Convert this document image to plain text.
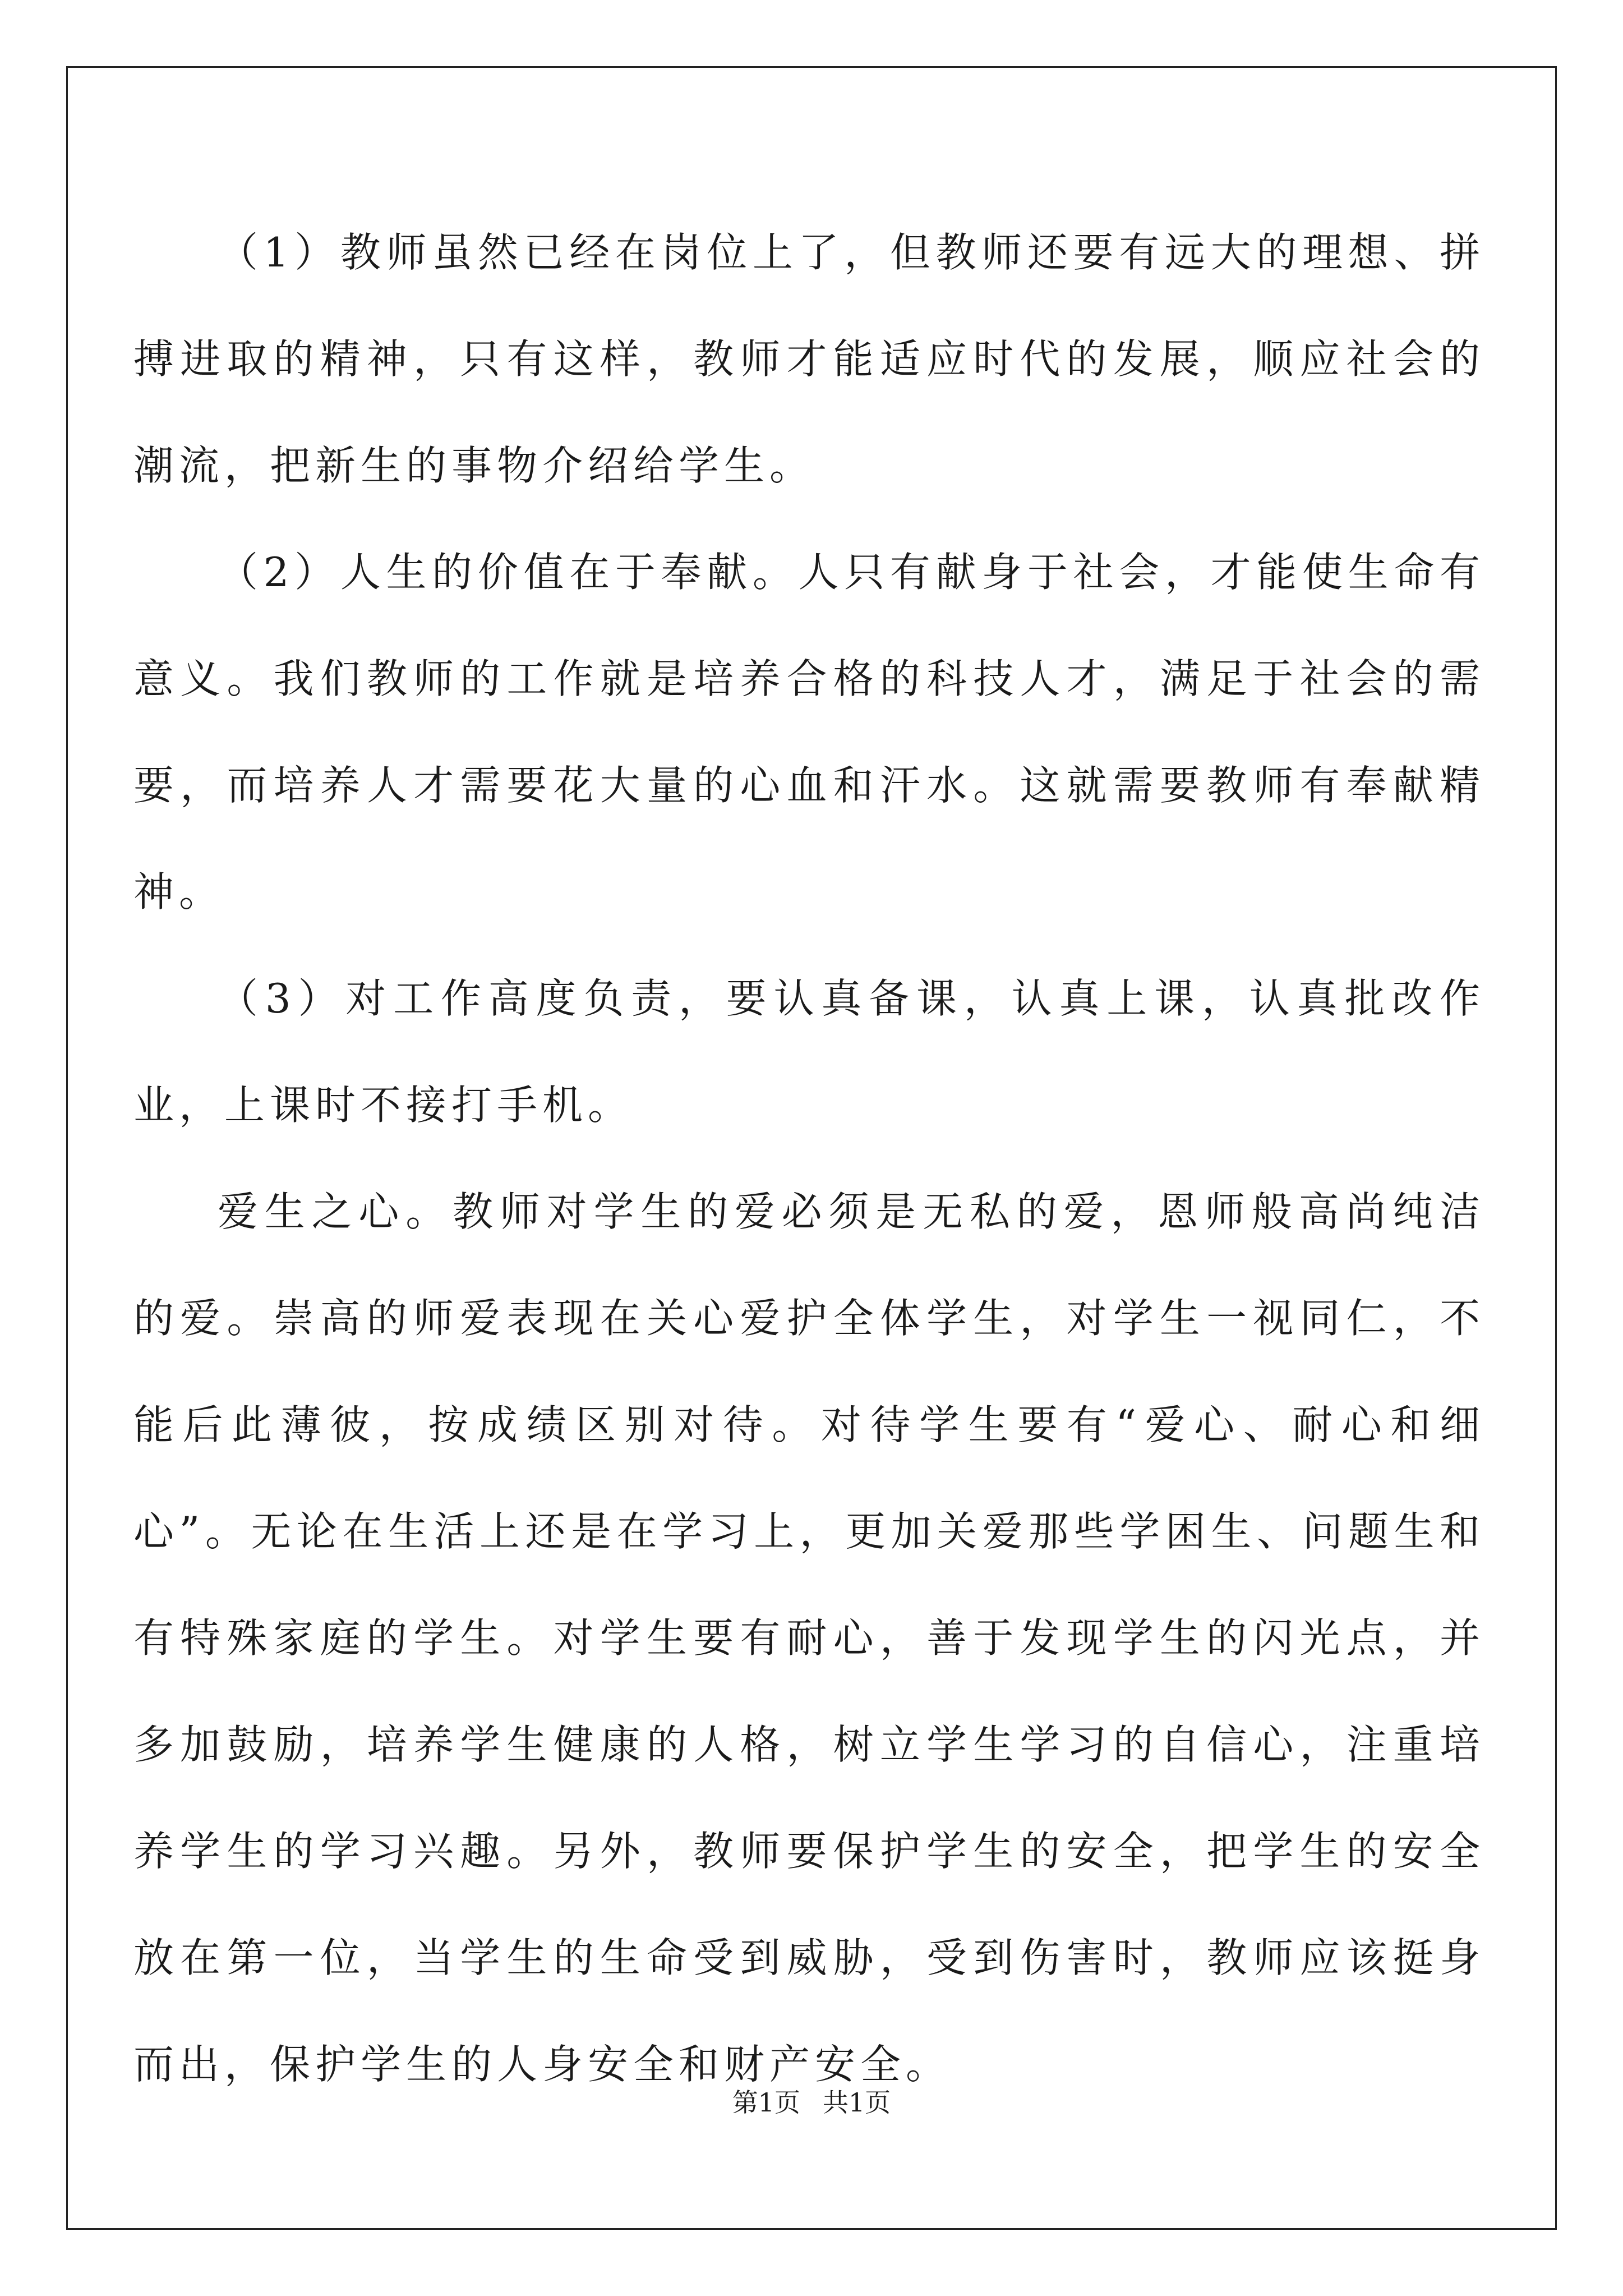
（1）教师虽然已经在岗位上了，但教师还要有远大的理想、拼搏进取的精神，只有这样，教师才能适应时代的发展，顺应社会的潮流，把新生的事物介绍给学生。

（2）人生的价值在于奉献。人只有献身于社会，才能使生命有意义。我们教师的工作就是培养合格的科技人才，满足于社会的需要，而培养人才需要花大量的心血和汗水。这就需要教师有奉献精神。

（3）对工作高度负责，要认真备课，认真上课，认真批改作业，上课时不接打手机。

爱生之心。教师对学生的爱必须是无私的爱，恩师般高尚纯洁的爱。崇高的师爱表现在关心爱护全体学生，对学生一视同仁，不能后此薄彼，按成绩区别对待。对待学生要有“爱心、耐心和细心”。无论在生活上还是在学习上，更加关爱那些学困生、问题生和有特殊家庭的学生。对学生要有耐心，善于发现学生的闪光点，并多加鼓励，培养学生健康的人格，树立学生学习的自信心，注重培养学生的学习兴趣。另外，教师要保护学生的安全，把学生的安全放在第一位，当学生的生命受到威胁，受到伤害时，教师应该挺身而出，保护学生的人身安全和财产安全。

第1页 共1页
